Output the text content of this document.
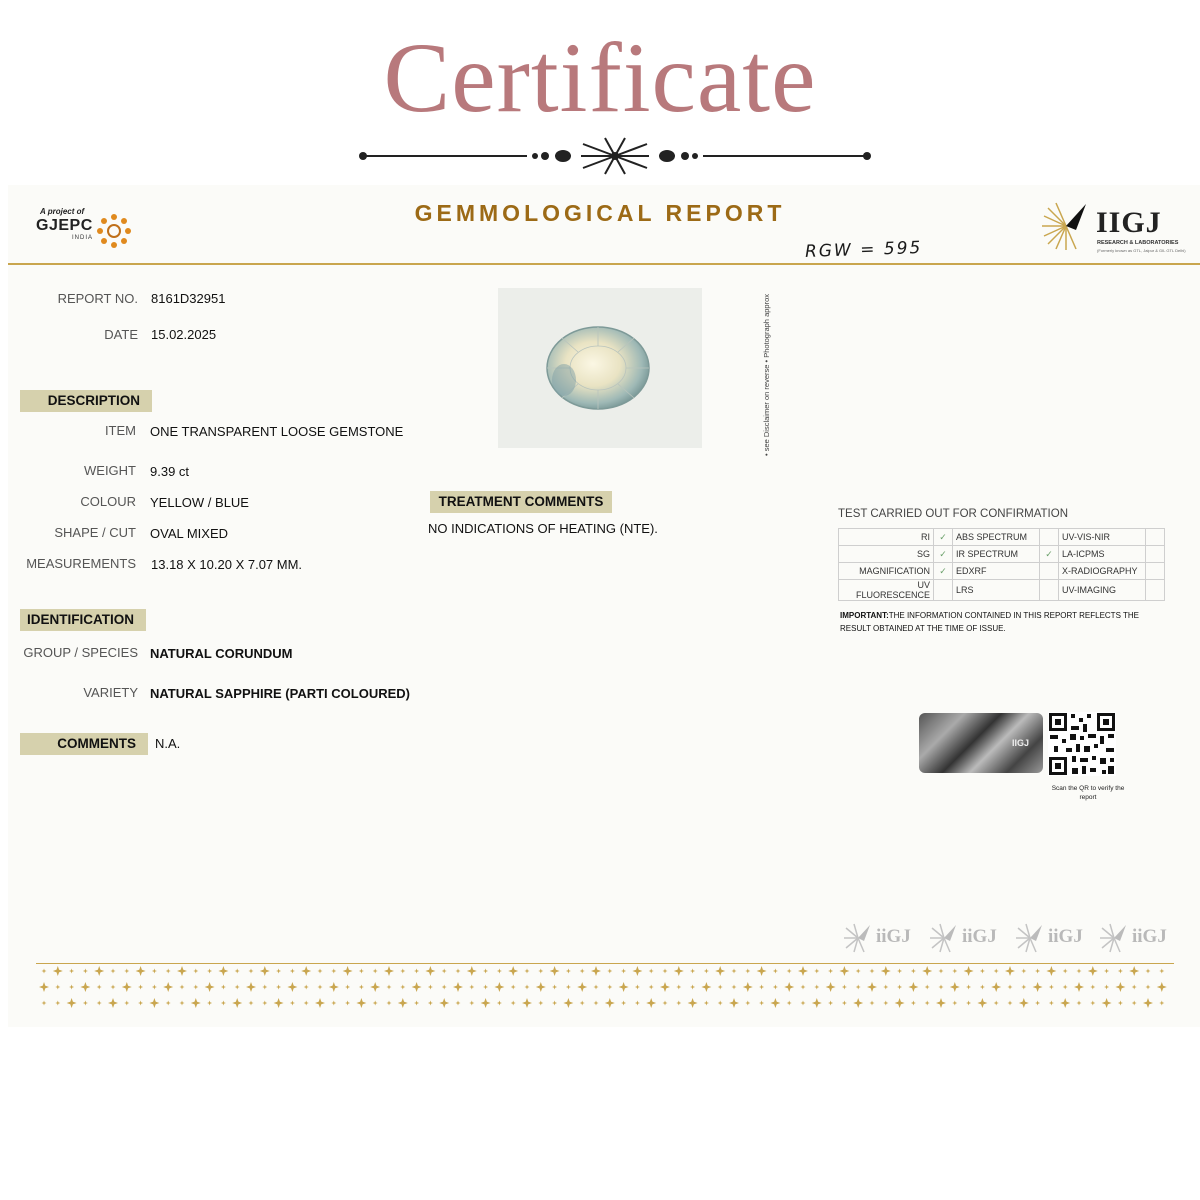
Certificate
A project of
GJEPC
INDIA
GEMMOLOGICAL REPORT	IIGJ
RESEARCH & LABORATORIES
(Formerly known as GTL, Jaipur & GIL GTL Delhi)
RGW = 595
REPORT NO. 8161D32951
DATE 15.02.2025
DESCRIPTION
ITEM ONE TRANSPARENT LOOSE GEMSTONE
WEIGHT 9.39 ct
COLOUR YELLOW / BLUE
SHAPE / CUT OVAL MIXED
MEASUREMENTS 13.18 X 10.20 X 7.07 MM.
IDENTIFICATION
GROUP / SPECIES NATURAL CORUNDUM
VARIETY NATURAL SAPPHIRE (PARTI COLOURED)
COMMENTS	N.A.
• see Disclaimer on reverse • Photograph approx
TREATMENT COMMENTS
NO INDICATIONS OF HEATING (NTE).
TEST CARRIED OUT FOR CONFIRMATION
RI	✓	ABS SPECTRUM		UV-VIS-NIR	
SG	✓	IR SPECTRUM	✓	LA-ICPMS	
MAGNIFICATION	✓	EDXRF		X-RADIOGRAPHY	
UV FLUORESCENCE		LRS		UV-IMAGING	
IMPORTANT:THE INFORMATION CONTAINED IN THIS REPORT REFLECTS THE RESULT OBTAINED AT THE TIME OF ISSUE.
IIGJ
Scan the QR to verify the report
iiGJ	iiGJ	iiGJ	iiGJ
